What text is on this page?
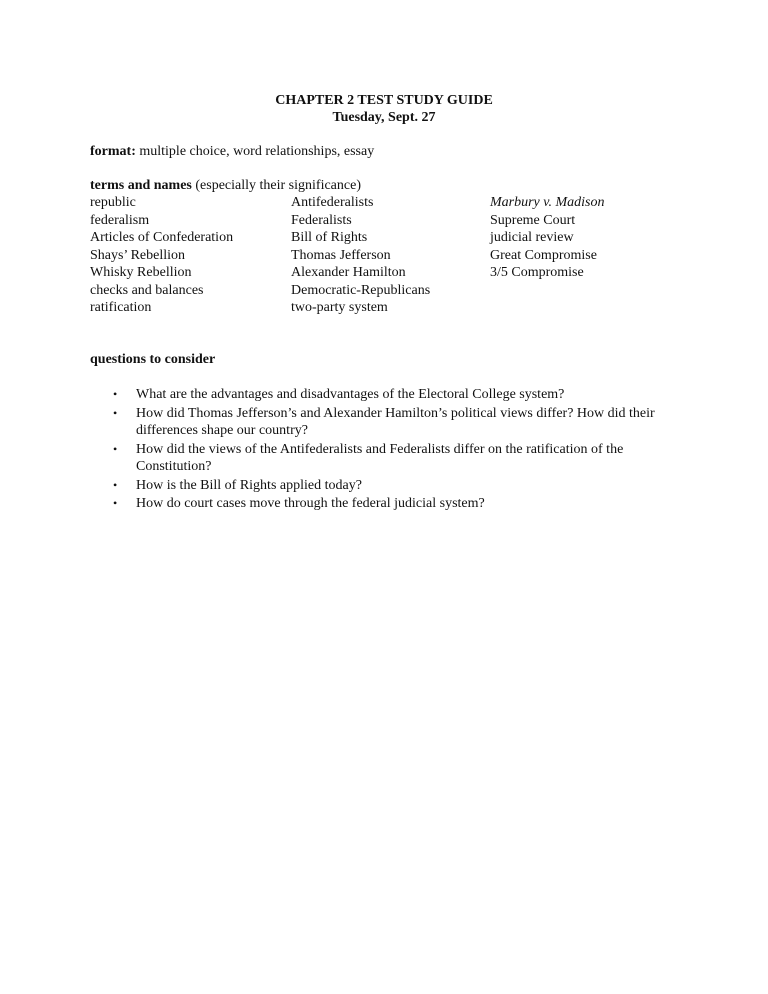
CHAPTER 2 TEST STUDY GUIDE
Tuesday, Sept. 27
format: multiple choice, word relationships, essay
terms and names (especially their significance)
republic
federalism
Articles of Confederation
Shays’ Rebellion
Whisky Rebellion
checks and balances
ratification
Antifederalists
Federalists
Bill of Rights
Thomas Jefferson
Alexander Hamilton
Democratic-Republicans
two-party system
Marbury v. Madison
Supreme Court
judicial review
Great Compromise
3/5 Compromise
questions to consider
• What are the advantages and disadvantages of the Electoral College system?
• How did Thomas Jefferson’s and Alexander Hamilton’s political views differ? How did their differences shape our country?
• How did the views of the Antifederalists and Federalists differ on the ratification of the Constitution?
• How is the Bill of Rights applied today?
• How do court cases move through the federal judicial system?
